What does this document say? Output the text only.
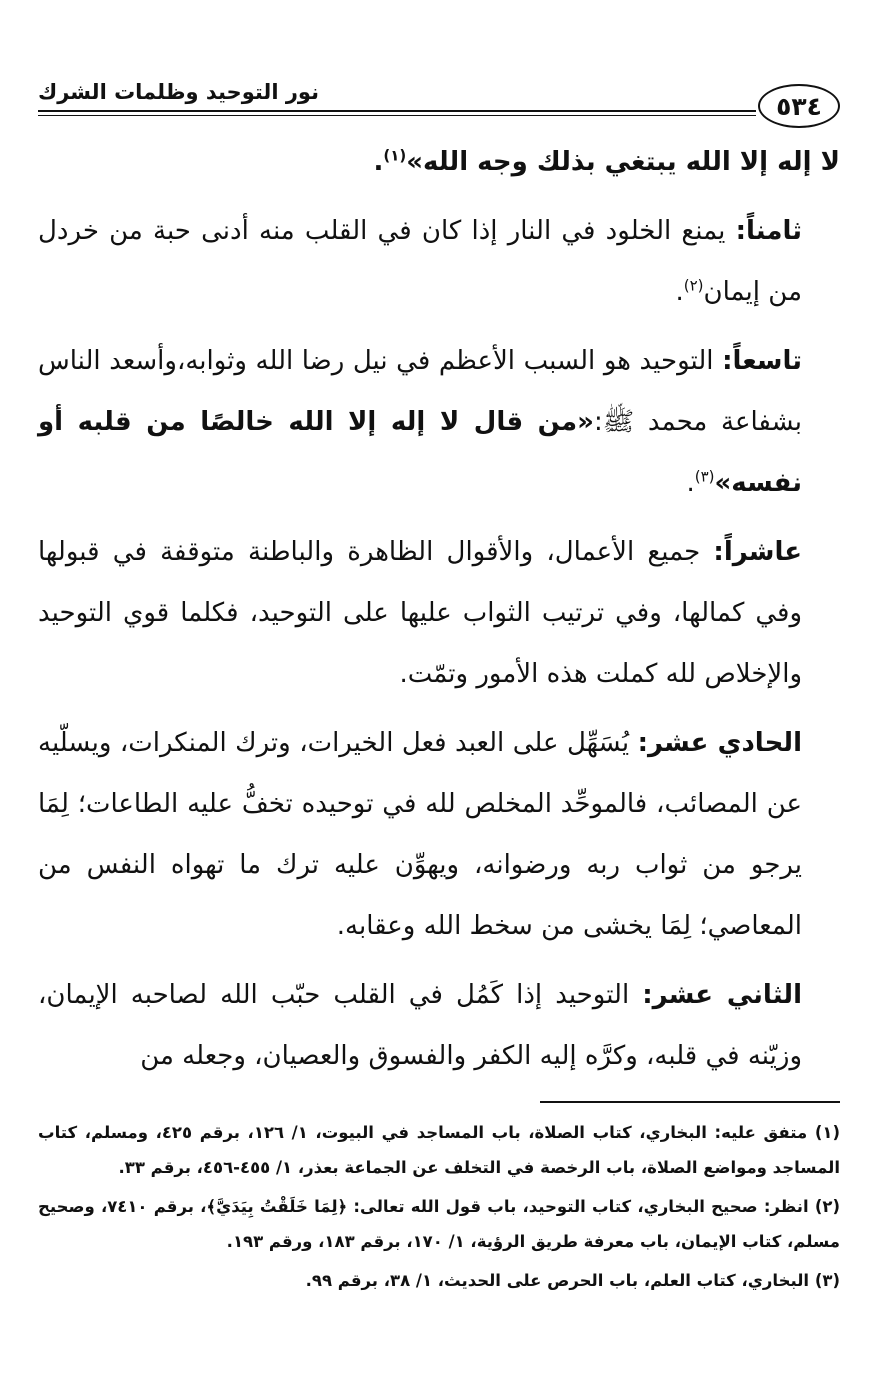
٥٣٤
نور التوحيد وظلمات الشرك

لا إله إلا الله يبتغي بذلك وجه الله»$^{(١)}$.

ثامناً: يمنع الخلود في النار إذا كان في القلب منه أدنى حبة من خردل من إيمان$^{(٢)}$.

تاسعاً: التوحيد هو السبب الأعظم في نيل رضا الله وثوابه،وأسعد الناس بشفاعة محمد ﷺ:«من قال لا إله إلا الله خالصًا من قلبه أو نفسه»$^{(٣)}$.

عاشراً: جميع الأعمال، والأقوال الظاهرة والباطنة متوقفة في قبولها وفي كمالها، وفي ترتيب الثواب عليها على التوحيد، فكلما قوي التوحيد والإخلاص لله كملت هذه الأمور وتمّت.

الحادي عشر: يُسَهِّل على العبد فعل الخيرات، وترك المنكرات، ويسلّيه عن المصائب، فالموحِّد المخلص لله في توحيده تخفُّ عليه الطاعات؛ لِمَا يرجو من ثواب ربه ورضوانه، ويهوِّن عليه ترك ما تهواه النفس من المعاصي؛ لِمَا يخشى من سخط الله وعقابه.

الثاني عشر: التوحيد إذا كَمُل في القلب حبّب الله لصاحبه الإيمان، وزيّنه في قلبه، وكرَّه إليه الكفر والفسوق والعصيان، وجعله من

(١) متفق عليه: البخاري، كتاب الصلاة، باب المساجد في البيوت، ١/ ١٢٦، برقم ٤٢٥، ومسلم، كتاب المساجد ومواضع الصلاة، باب الرخصة في التخلف عن الجماعة بعذر، ١/ ٤٥٥-٤٥٦، برقم ٣٣.

(٢) انظر: صحيح البخاري، كتاب التوحيد، باب قول الله تعالى: ﴿لِمَا خَلَقْتُ بِيَدَيَّ﴾، برقم ٧٤١٠، وصحيح مسلم، كتاب الإيمان، باب معرفة طريق الرؤية، ١/ ١٧٠، برقم ١٨٣، ورقم ١٩٣.

(٣) البخاري، كتاب العلم، باب الحرص على الحديث، ١/ ٣٨، برقم ٩٩.
